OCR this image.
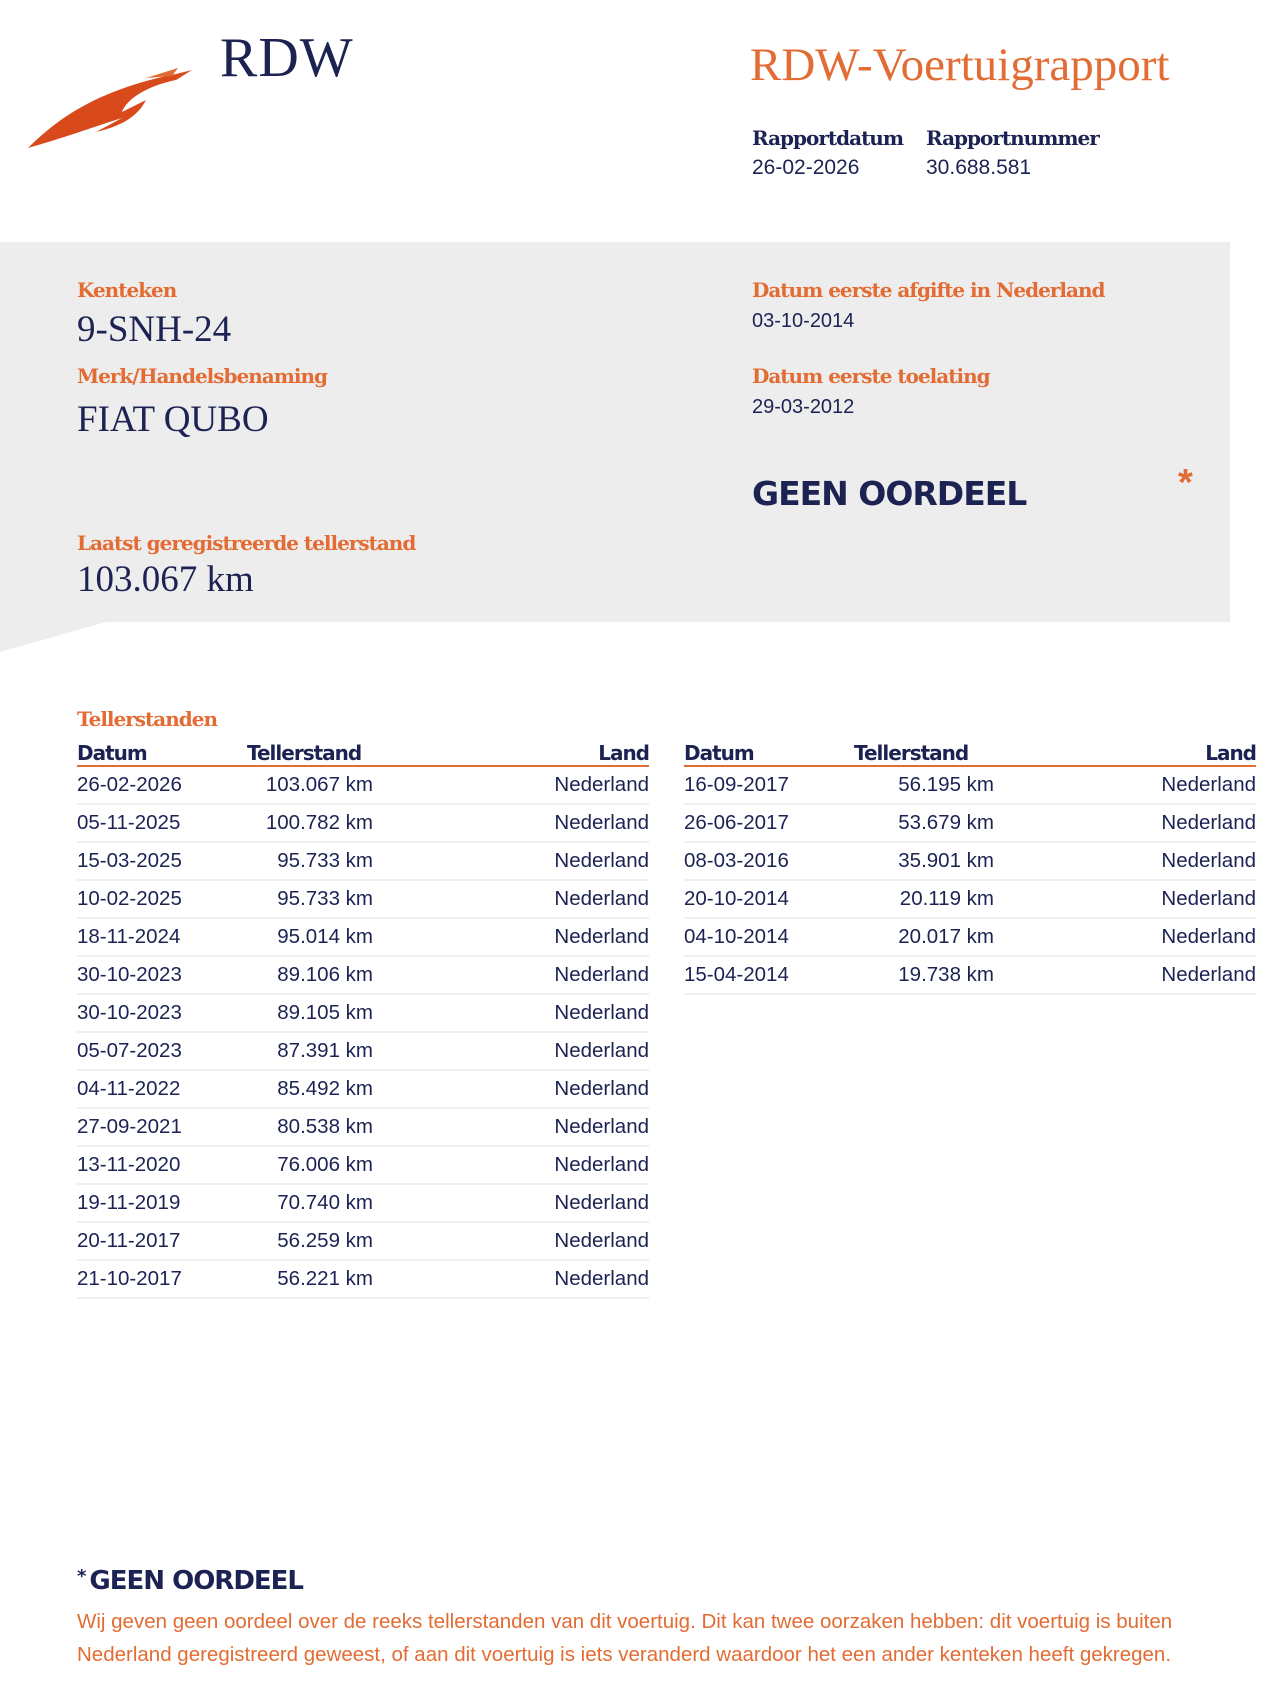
RDW	RDW-Voertuigrapport
Rapportdatum
26-02-2026
Rapportnummer
30.688.581
Kenteken
9-SNH-24
Merk/Handelsbenaming
FIAT QUBO
Laatst geregistreerde tellerstand
103.067 km
Datum eerste afgifte in Nederland
03-10-2014
Datum eerste toelating
29-03-2012
GEEN OORDEEL	*
Tellerstanden
Datum	Tellerstand	Land
26-02-2026	103.067 km	Nederland
05-11-2025	100.782 km	Nederland
15-03-2025	95.733 km	Nederland
10-02-2025	95.733 km	Nederland
18-11-2024	95.014 km	Nederland
30-10-2023	89.106 km	Nederland
30-10-2023	89.105 km	Nederland
05-07-2023	87.391 km	Nederland
04-11-2022	85.492 km	Nederland
27-09-2021	80.538 km	Nederland
13-11-2020	76.006 km	Nederland
19-11-2019	70.740 km	Nederland
20-11-2017	56.259 km	Nederland
21-10-2017	56.221 km	Nederland
Datum	Tellerstand	Land
16-09-2017	56.195 km	Nederland
26-06-2017	53.679 km	Nederland
08-03-2016	35.901 km	Nederland
20-10-2014	20.119 km	Nederland
04-10-2014	20.017 km	Nederland
15-04-2014	19.738 km	Nederland
* GEEN OORDEEL
Wij geven geen oordeel over de reeks tellerstanden van dit voertuig. Dit kan twee oorzaken hebben: dit voertuig is buiten Nederland geregistreerd geweest, of aan dit voertuig is iets veranderd waardoor het een ander kenteken heeft gekregen.
